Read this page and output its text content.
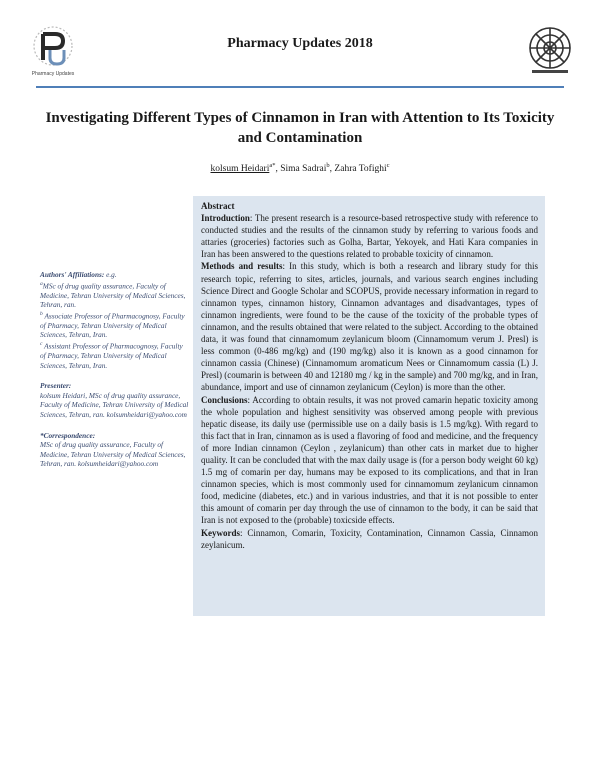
Pharmacy Updates
Pharmacy Updates 2018
Investigating Different Types of Cinnamon in Iran with Attention to Its Toxicity and Contamination
kolsum Heidari$^{a*}$, Sima Sadrai$^b$, Zahra Tofighi$^c$

Authors' Affiliations: e.g.

$^a$MSc of drug quality assurance, Faculty of Medicine, Tehran University of Medical Sciences, Tehran, ran.

$^b$ Associate Professor of Pharmacognosy, Faculty of Pharmacy, Tehran University of Medical Sciences, Tehran, Iran.

$^c$ Assistant Professor of Pharmacognosy, Faculty of Pharmacy, Tehran University of Medical Sciences, Tehran, Iran.

Presenter:

kolsum Heidari, MSc of drug quality assurance, Faculty of Medicine, Tehran University of Medical Sciences, Tehran, ran. kolsumheidari@yahoo.com

*Correspondence:

MSc of drug quality assurance, Faculty of Medicine, Tehran University of Medical Sciences, Tehran, ran. kolsumheidari@yahoo.com

Abstract

Introduction: The present research is a resource-based retrospective study with reference to conducted studies and the results of the cinnamon study by referring to various foods and attaries (groceries) factories such as Golha, Bartar, Yekoyek, and Hati Kara companies in Iran has been answered to the questions related to probable toxicity of cinnamon.

Methods and results: In this study, which is both a research and library study for this research topic, referring to sites, articles, journals, and various search engines including Science Direct and Google Scholar and SCOPUS, provide necessary information in regard to cinnamon types, cinnamon history, Cinnamon advantages and disadvantages, types of cinnamon ingredients, were found to be the cause of the toxicity of the probable types of cinnamon, and the results obtained that were related to the subject. According to the obtained data, it was found that cinnamomum zeylanicum bloom (Cinnamomum verum J. Presl) is less common (0-486 mg/kg) and (190 mg/kg) also it is known as a good cinnamon for cinnamon cassia (Chinese) (Cinnamomum aromaticum Nees or Cinnamomum cassia (L) J. Presl) (coumarin is between 40 and 12180 mg / kg in the sample) and 700 mg/kg, and in Iran, abundance, import and use of cinnamon zeylanicum (Ceylon) is more than the other.

Conclusions: According to obtain results, it was not proved camarin hepatic toxicity among the whole population and highest sensitivity was observed among people with previous hepatic disease, its daily use (permissible use on a daily basis is 1.5 mg/kg). With regard to this fact that in Iran, cinnamon as is used a flavoring of food and medicine, and the frequency of more Indian cinnamon (Ceylon , zeylanicum) than other cats in market due to higher quality. It can be concluded that with the max daily usage is (for a person body weight 60 kg) 1.5 mg of comarin per day, humans may be exposed to its complications, and that in Iran cinnamon species, which is most commonly used for cinnamomum zeylanicum cinnamon food, medicine (diabetes, etc.) and in various industries, and that it is not possible to enter this amount of comarin per day through the use of cinnamon to the body, it can be said that Iran is not exposed to the (probable) toxicside effects.

Keywords: Cinnamon, Comarin, Toxicity, Contamination, Cinnamon Cassia, Cinnamon zeylanicum.
